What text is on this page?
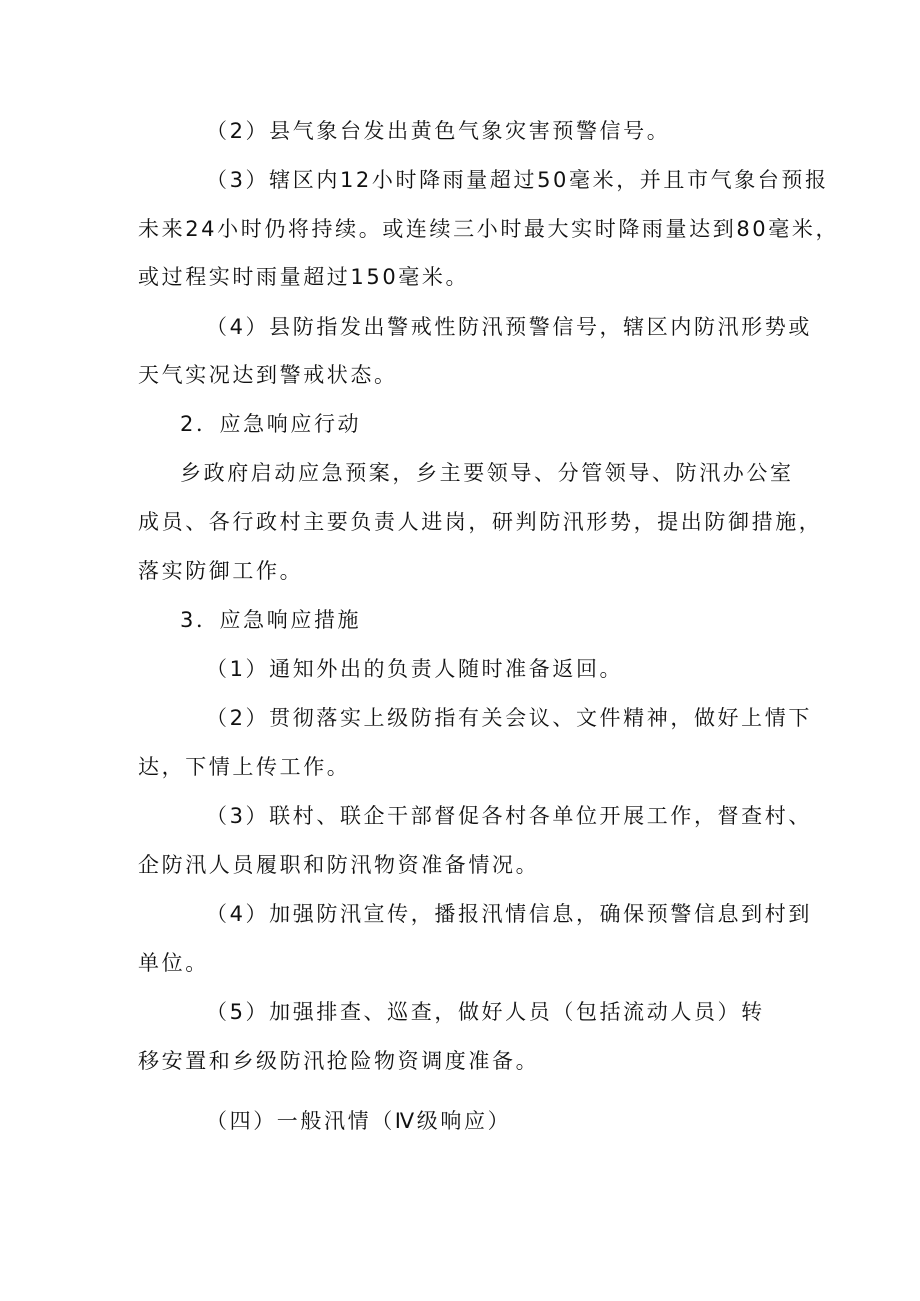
（2）县气象台发出黄色气象灾害预警信号。
（3）辖区内12小时降雨量超过50毫米，并且市气象台预报
未来24小时仍将持续。或连续三小时最大实时降雨量达到80毫米，
或过程实时雨量超过150毫米。
（4）县防指发出警戒性防汛预警信号，辖区内防汛形势或
天气实况达到警戒状态。
2．应急响应行动
乡政府启动应急预案，乡主要领导、分管领导、防汛办公室
成员、各行政村主要负责人进岗，研判防汛形势，提出防御措施，
落实防御工作。
3．应急响应措施
（1）通知外出的负责人随时准备返回。
（2）贯彻落实上级防指有关会议、文件精神，做好上情下
达，下情上传工作。
（3）联村、联企干部督促各村各单位开展工作，督查村、
企防汛人员履职和防汛物资准备情况。
（4）加强防汛宣传，播报汛情信息，确保预警信息到村到
单位。
（5）加强排查、巡查，做好人员（包括流动人员）转
移安置和乡级防汛抢险物资调度准备。
（四）一般汛情（Ⅳ级响应）
